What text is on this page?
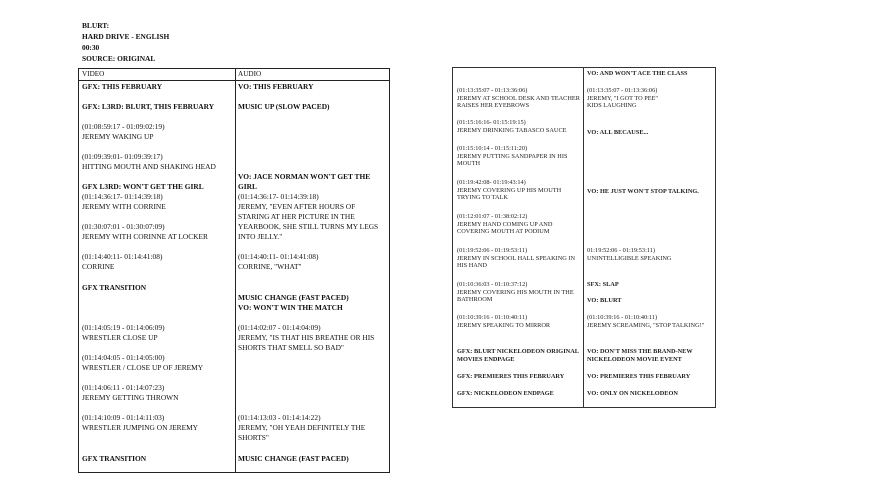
BLURT:
HARD DRIVE - ENGLISH
00:30
SOURCE: ORIGINAL
VIDEO	AUDIO
GFX: THIS FEBRUARY
GFX: L3RD: BLURT, THIS FEBRUARY
(01:08:59:17 - 01:09:02:19)
JEREMY WAKING UP
(01:09:39:01- 01:09:39:17)
HITTING MOUTH AND SHAKING HEAD
GFX L3RD: WON'T GET THE GIRL
(01:14:36:17- 01:14:39:18)
JEREMY WITH CORRINE
(01:30:07:01 - 01:30:07:09)
JEREMY WITH CORINNE AT LOCKER
(01:14:40:11- 01:14:41:08)
CORRINE
GFX TRANSITION
(01:14:05:19 - 01:14:06:09)
WRESTLER CLOSE UP
(01:14:04:05 - 01:14:05:00)
WRESTLER / CLOSE UP OF JEREMY
(01:14:06:11 - 01:14:07:23)
JEREMY GETTING THROWN
(01:14:10:09 - 01:14:11:03)
WRESTLER JUMPING ON JEREMY
GFX TRANSITION
VO: THIS FEBRUARY
MUSIC UP (SLOW PACED)
VO: JACE NORMAN WON'T GET THE GIRL
(01:14:36:17- 01:14:39:18)
JEREMY, "EVEN AFTER HOURS OF STARING AT HER PICTURE IN THE YEARBOOK, SHE STILL TURNS MY LEGS INTO JELLY."
(01:14:40:11- 01:14:41:08)
CORRINE, "WHAT"
MUSIC CHANGE (FAST PACED)
VO: WON'T WIN THE MATCH
(01:14:02:07 - 01:14:04:09)
JEREMY, "IS THAT HIS BREATHE OR HIS SHORTS THAT SMELL SO BAD"
(01:14:13:03 - 01:14:14:22)
JEREMY, "OH YEAH DEFINITELY THE SHORTS"
MUSIC CHANGE (FAST PACED)
(01:13:35:07 - 01:13:36:06)
JEREMY AT SCHOOL DESK AND TEACHER RAISES HER EYEBROWS
(01:15:16:16- 01:15:19:15)
JEREMY DRINKING TABASCO SAUCE
(01:15:10:14 - 01:15:11:20)
JEREMY PUTTING SANDPAPER IN HIS MOUTH
(01:19:42:08- 01:19:43:14)
JEREMY COVERING UP HIS MOUTH TRYING TO TALK
(01:12:01:07 - 01:38:02:12)
JEREMY HAND COMING UP AND COVERING MOUTH AT PODIUM
(01:19:52:06 - 01:19:53:11)
JEREMY IN SCHOOL HALL SPEAKING IN HIS HAND
(01:10:36:03 - 01:10:37:12)
JEREMY COVERING HIS MOUTH IN THE BATHROOM
(01:10:39:16 - 01:10:40:11)
JEREMY SPEAKING TO MIRROR
GFX: BLURT NICKELODEON ORIGINAL MOVIES ENDPAGE
GFX: PREMIERES THIS FEBRUARY
GFX: NICKELODEON ENDPAGE
VO: AND WON'T ACE THE CLASS
(01:13:35:07 - 01:13:36:06)
JEREMY, "I GOT TO PEE"
KIDS LAUGHING
VO: ALL BECAUSE...
VO: HE JUST WON'T STOP TALKING.
01:19:52:06 - 01:19:53:11)
UNINTELLIGIBLE SPEAKING
SFX: SLAP
VO: BLURT
(01:10:39:16 - 01:10:40:11)
JEREMY SCREAMING, "STOP TALKING!"
VO: DON'T MISS THE BRAND-NEW NICKELODEON MOVIE EVENT
VO: PREMIERES THIS FEBRUARY
VO: ONLY ON NICKELODEON
